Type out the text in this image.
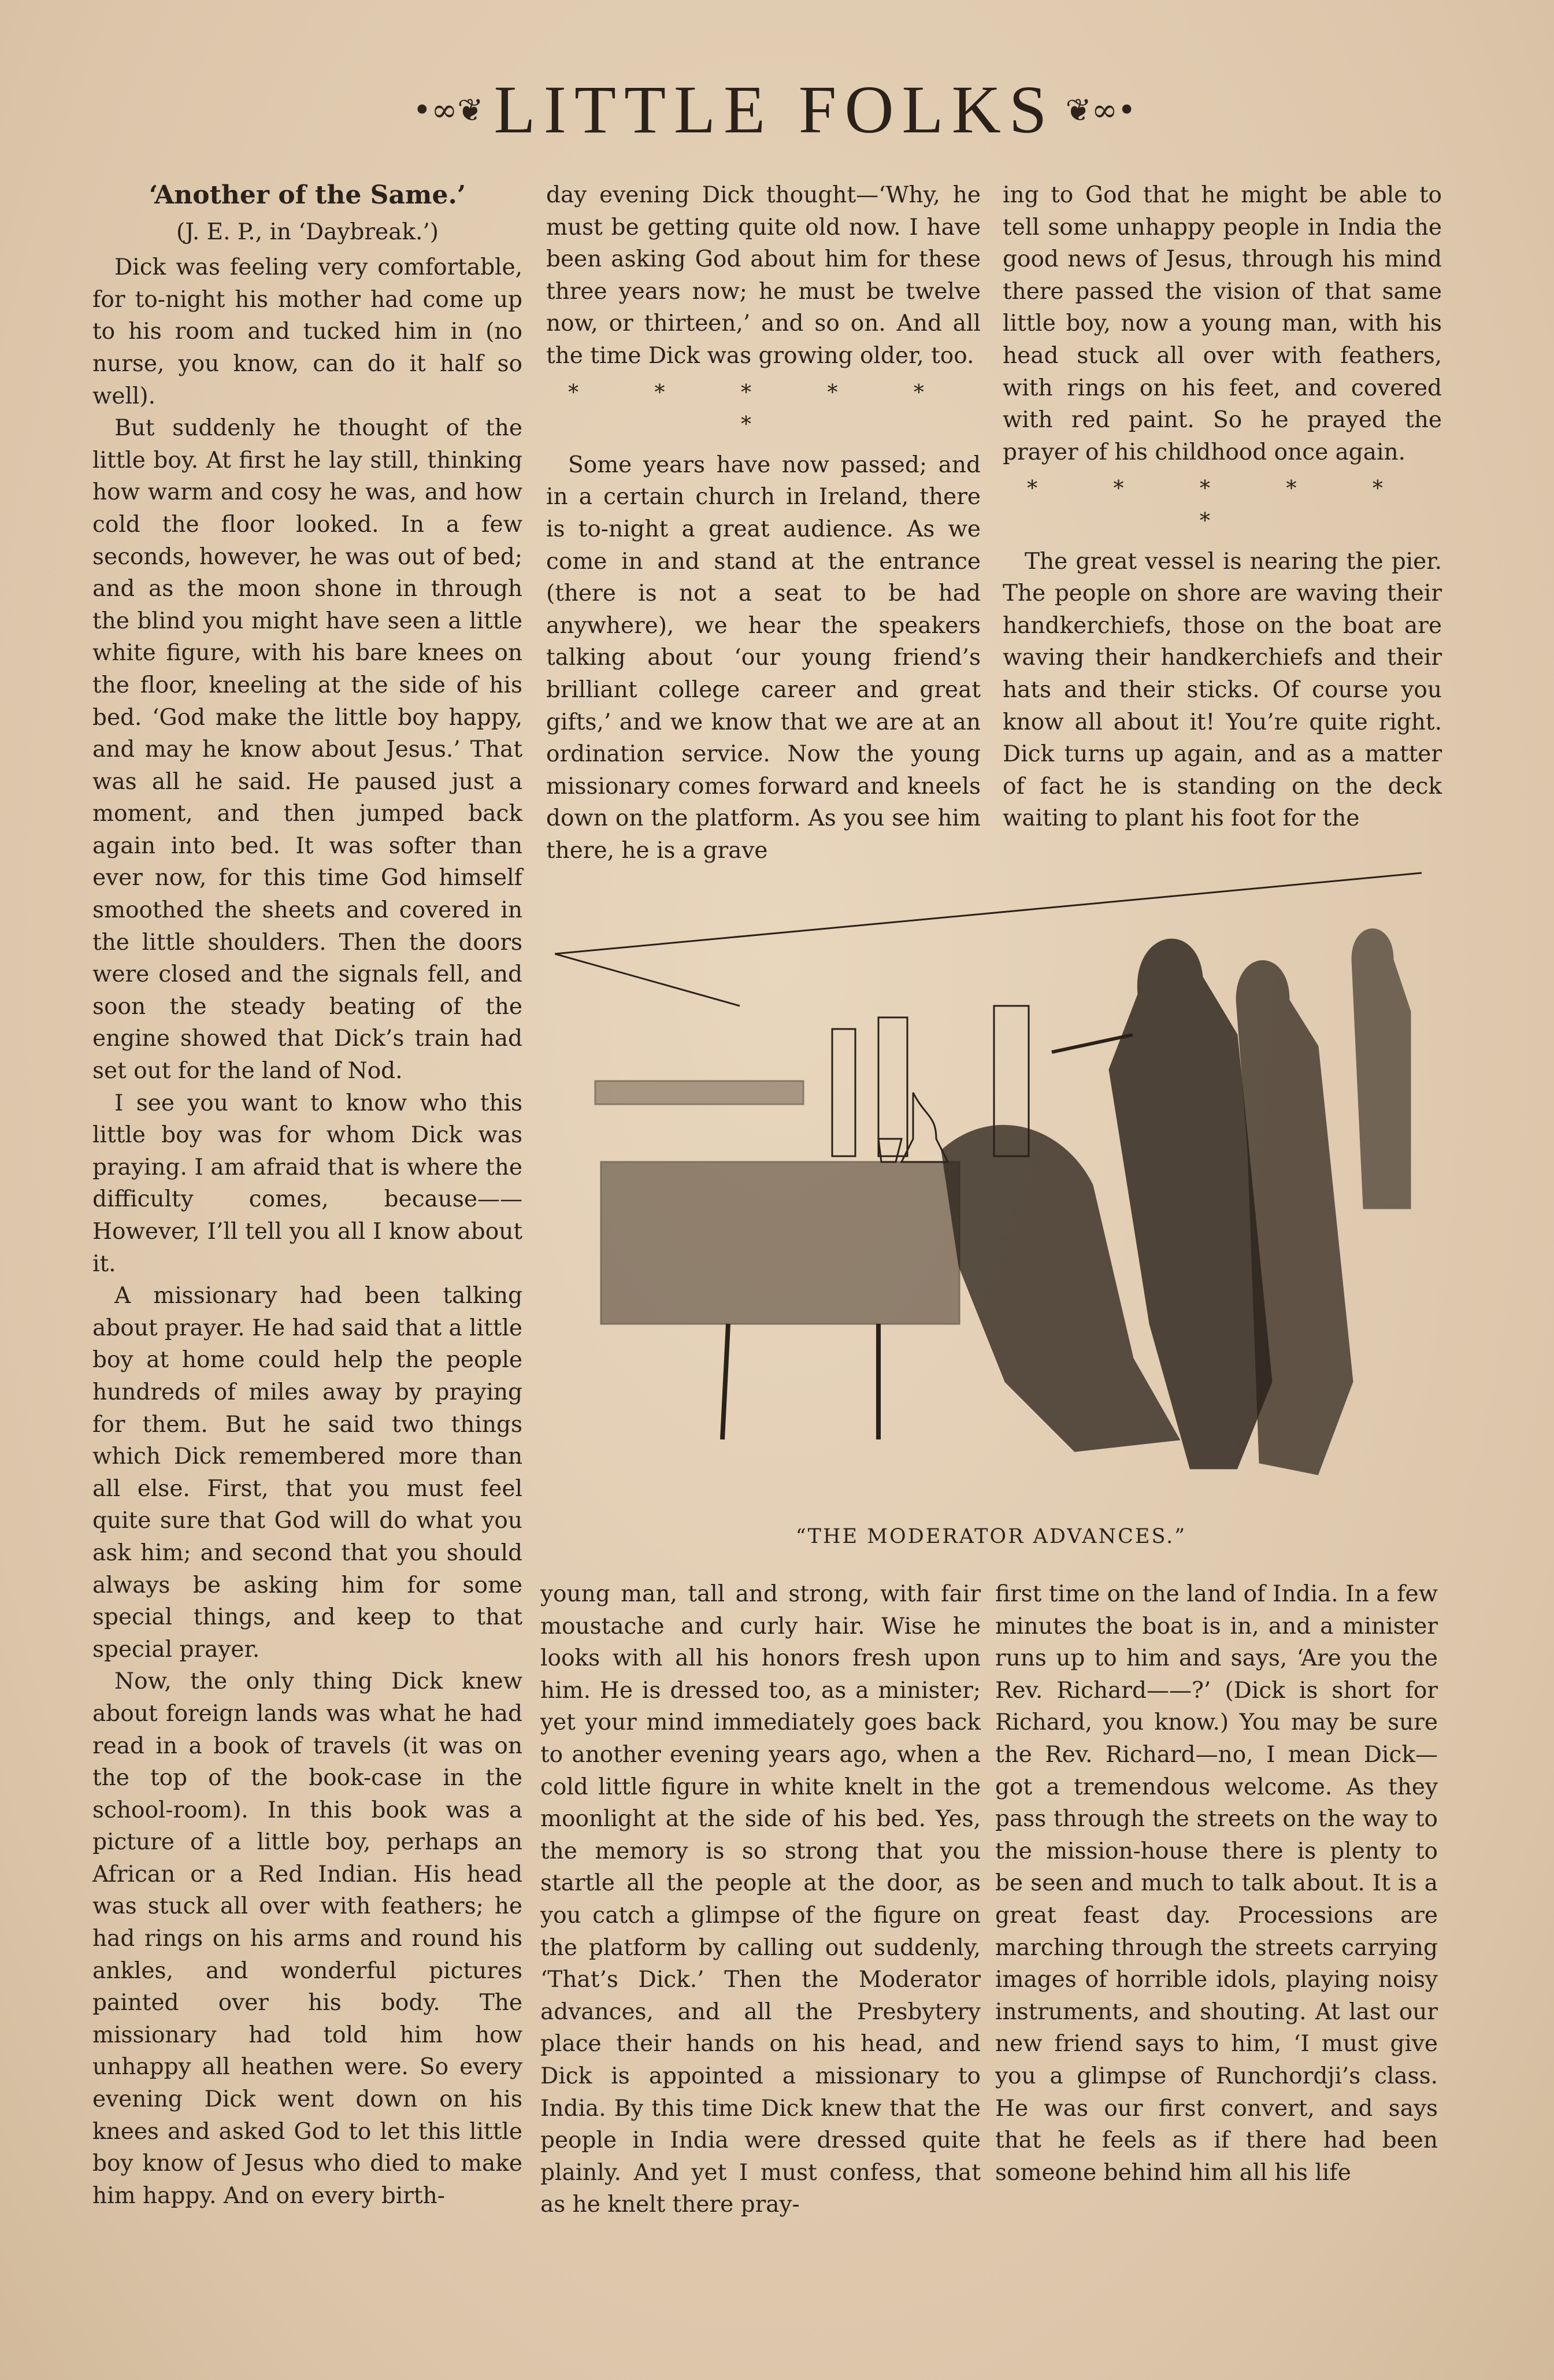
•∞❦ LITTLE FOLKS ❦∞•
‘Another of the Same.’
(J. E. P., in ‘Daybreak.’)

Dick was feeling very comfortable, for to-night his mother had come up to his room and tucked him in (no nurse, you know, can do it half so well).

But suddenly he thought of the little boy. At first he lay still, thinking how warm and cosy he was, and how cold the floor looked. In a few seconds, however, he was out of bed; and as the moon shone in through the blind you might have seen a little white figure, with his bare knees on the floor, kneeling at the side of his bed. ‘God make the little boy happy, and may he know about Jesus.’ That was all he said. He paused just a moment, and then jumped back again into bed. It was softer than ever now, for this time God himself smoothed the sheets and covered in the little shoulders. Then the doors were closed and the signals fell, and soon the steady beating of the engine showed that Dick’s train had set out for the land of Nod.

I see you want to know who this little boy was for whom Dick was praying. I am afraid that is where the difficulty comes, because—— However, I’ll tell you all I know about it.

A missionary had been talking about prayer. He had said that a little boy at home could help the people hundreds of miles away by praying for them. But he said two things which Dick remembered more than all else. First, that you must feel quite sure that God will do what you ask him; and second that you should always be asking him for some special things, and keep to that special prayer.

Now, the only thing Dick knew about foreign lands was what he had read in a book of travels (it was on the top of the book-case in the school-room). In this book was a picture of a little boy, perhaps an African or a Red Indian. His head was stuck all over with feathers; he had rings on his arms and round his ankles, and wonderful pictures painted over his body. The missionary had told him how unhappy all heathen were. So every evening Dick went down on his knees and asked God to let this little boy know of Jesus who died to make him happy. And on every birth-

day evening Dick thought—‘Why, he must be getting quite old now. I have been asking God about him for these three years now; he must be twelve now, or thirteen,’ and so on. And all the time Dick was growing older, too.

* * * * * *

Some years have now passed; and in a certain church in Ireland, there is to-night a great audience. As we come in and stand at the entrance (there is not a seat to be had anywhere), we hear the speakers talking about ‘our young friend’s brilliant college career and great gifts,’ and we know that we are at an ordination service. Now the young missionary comes forward and kneels down on the platform. As you see him there, he is a grave

ing to God that he might be able to tell some unhappy people in India the good news of Jesus, through his mind there passed the vision of that same little boy, now a young man, with his head stuck all over with feathers, with rings on his feet, and covered with red paint. So he prayed the prayer of his childhood once again.

* * * * * *

The great vessel is nearing the pier. The people on shore are waving their handkerchiefs, those on the boat are waving their handkerchiefs and their hats and their sticks. Of course you know all about it! You’re quite right. Dick turns up again, and as a matter of fact he is standing on the deck waiting to plant his foot for the

“THE MODERATOR ADVANCES.”

young man, tall and strong, with fair moustache and curly hair. Wise he looks with all his honors fresh upon him. He is dressed too, as a minister; yet your mind immediately goes back to another evening years ago, when a cold little figure in white knelt in the moonlight at the side of his bed. Yes, the memory is so strong that you startle all the people at the door, as you catch a glimpse of the figure on the platform by calling out suddenly, ‘That’s Dick.’ Then the Moderator advances, and all the Presbytery place their hands on his head, and Dick is appointed a missionary to India. By this time Dick knew that the people in India were dressed quite plainly. And yet I must confess, that as he knelt there pray-

first time on the land of India. In a few minutes the boat is in, and a minister runs up to him and says, ‘Are you the Rev. Richard——?’ (Dick is short for Richard, you know.) You may be sure the Rev. Richard—no, I mean Dick—got a tremendous welcome. As they pass through the streets on the way to the mission-house there is plenty to be seen and much to talk about. It is a great feast day. Processions are marching through the streets carrying images of horrible idols, playing noisy instruments, and shouting. At last our new friend says to him, ‘I must give you a glimpse of Runchordji’s class. He was our first convert, and says that he feels as if there had been someone behind him all his life
